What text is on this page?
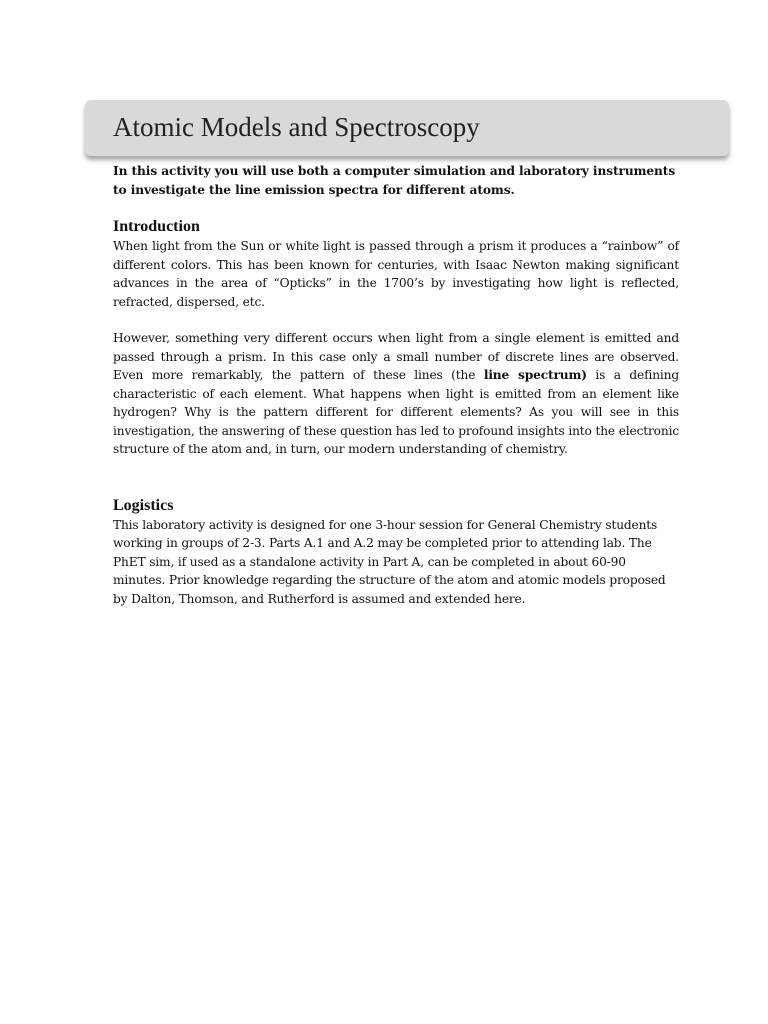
Atomic Models and Spectroscopy

In this activity you will use both a computer simulation and laboratory instruments to investigate the line emission spectra for different atoms.

Introduction

When light from the Sun or white light is passed through a prism it produces a “rainbow” of different colors. This has been known for centuries, with Isaac Newton making significant advances in the area of “Opticks” in the 1700’s by investigating how light is reflected, refracted, dispersed, etc.

However, something very different occurs when light from a single element is emitted and passed through a prism. In this case only a small number of discrete lines are observed. Even more remarkably, the pattern of these lines (the line spectrum) is a defining characteristic of each element. What happens when light is emitted from an element like hydrogen? Why is the pattern different for different elements? As you will see in this investigation, the answering of these question has led to profound insights into the electronic structure of the atom and, in turn, our modern understanding of chemistry.

Logistics

This laboratory activity is designed for one 3-hour session for General Chemistry students working in groups of 2-3. Parts A.1 and A.2 may be completed prior to attending lab. The PhET sim, if used as a standalone activity in Part A, can be completed in about 60-90 minutes. Prior knowledge regarding the structure of the atom and atomic models proposed by Dalton, Thomson, and Rutherford is assumed and extended here.
